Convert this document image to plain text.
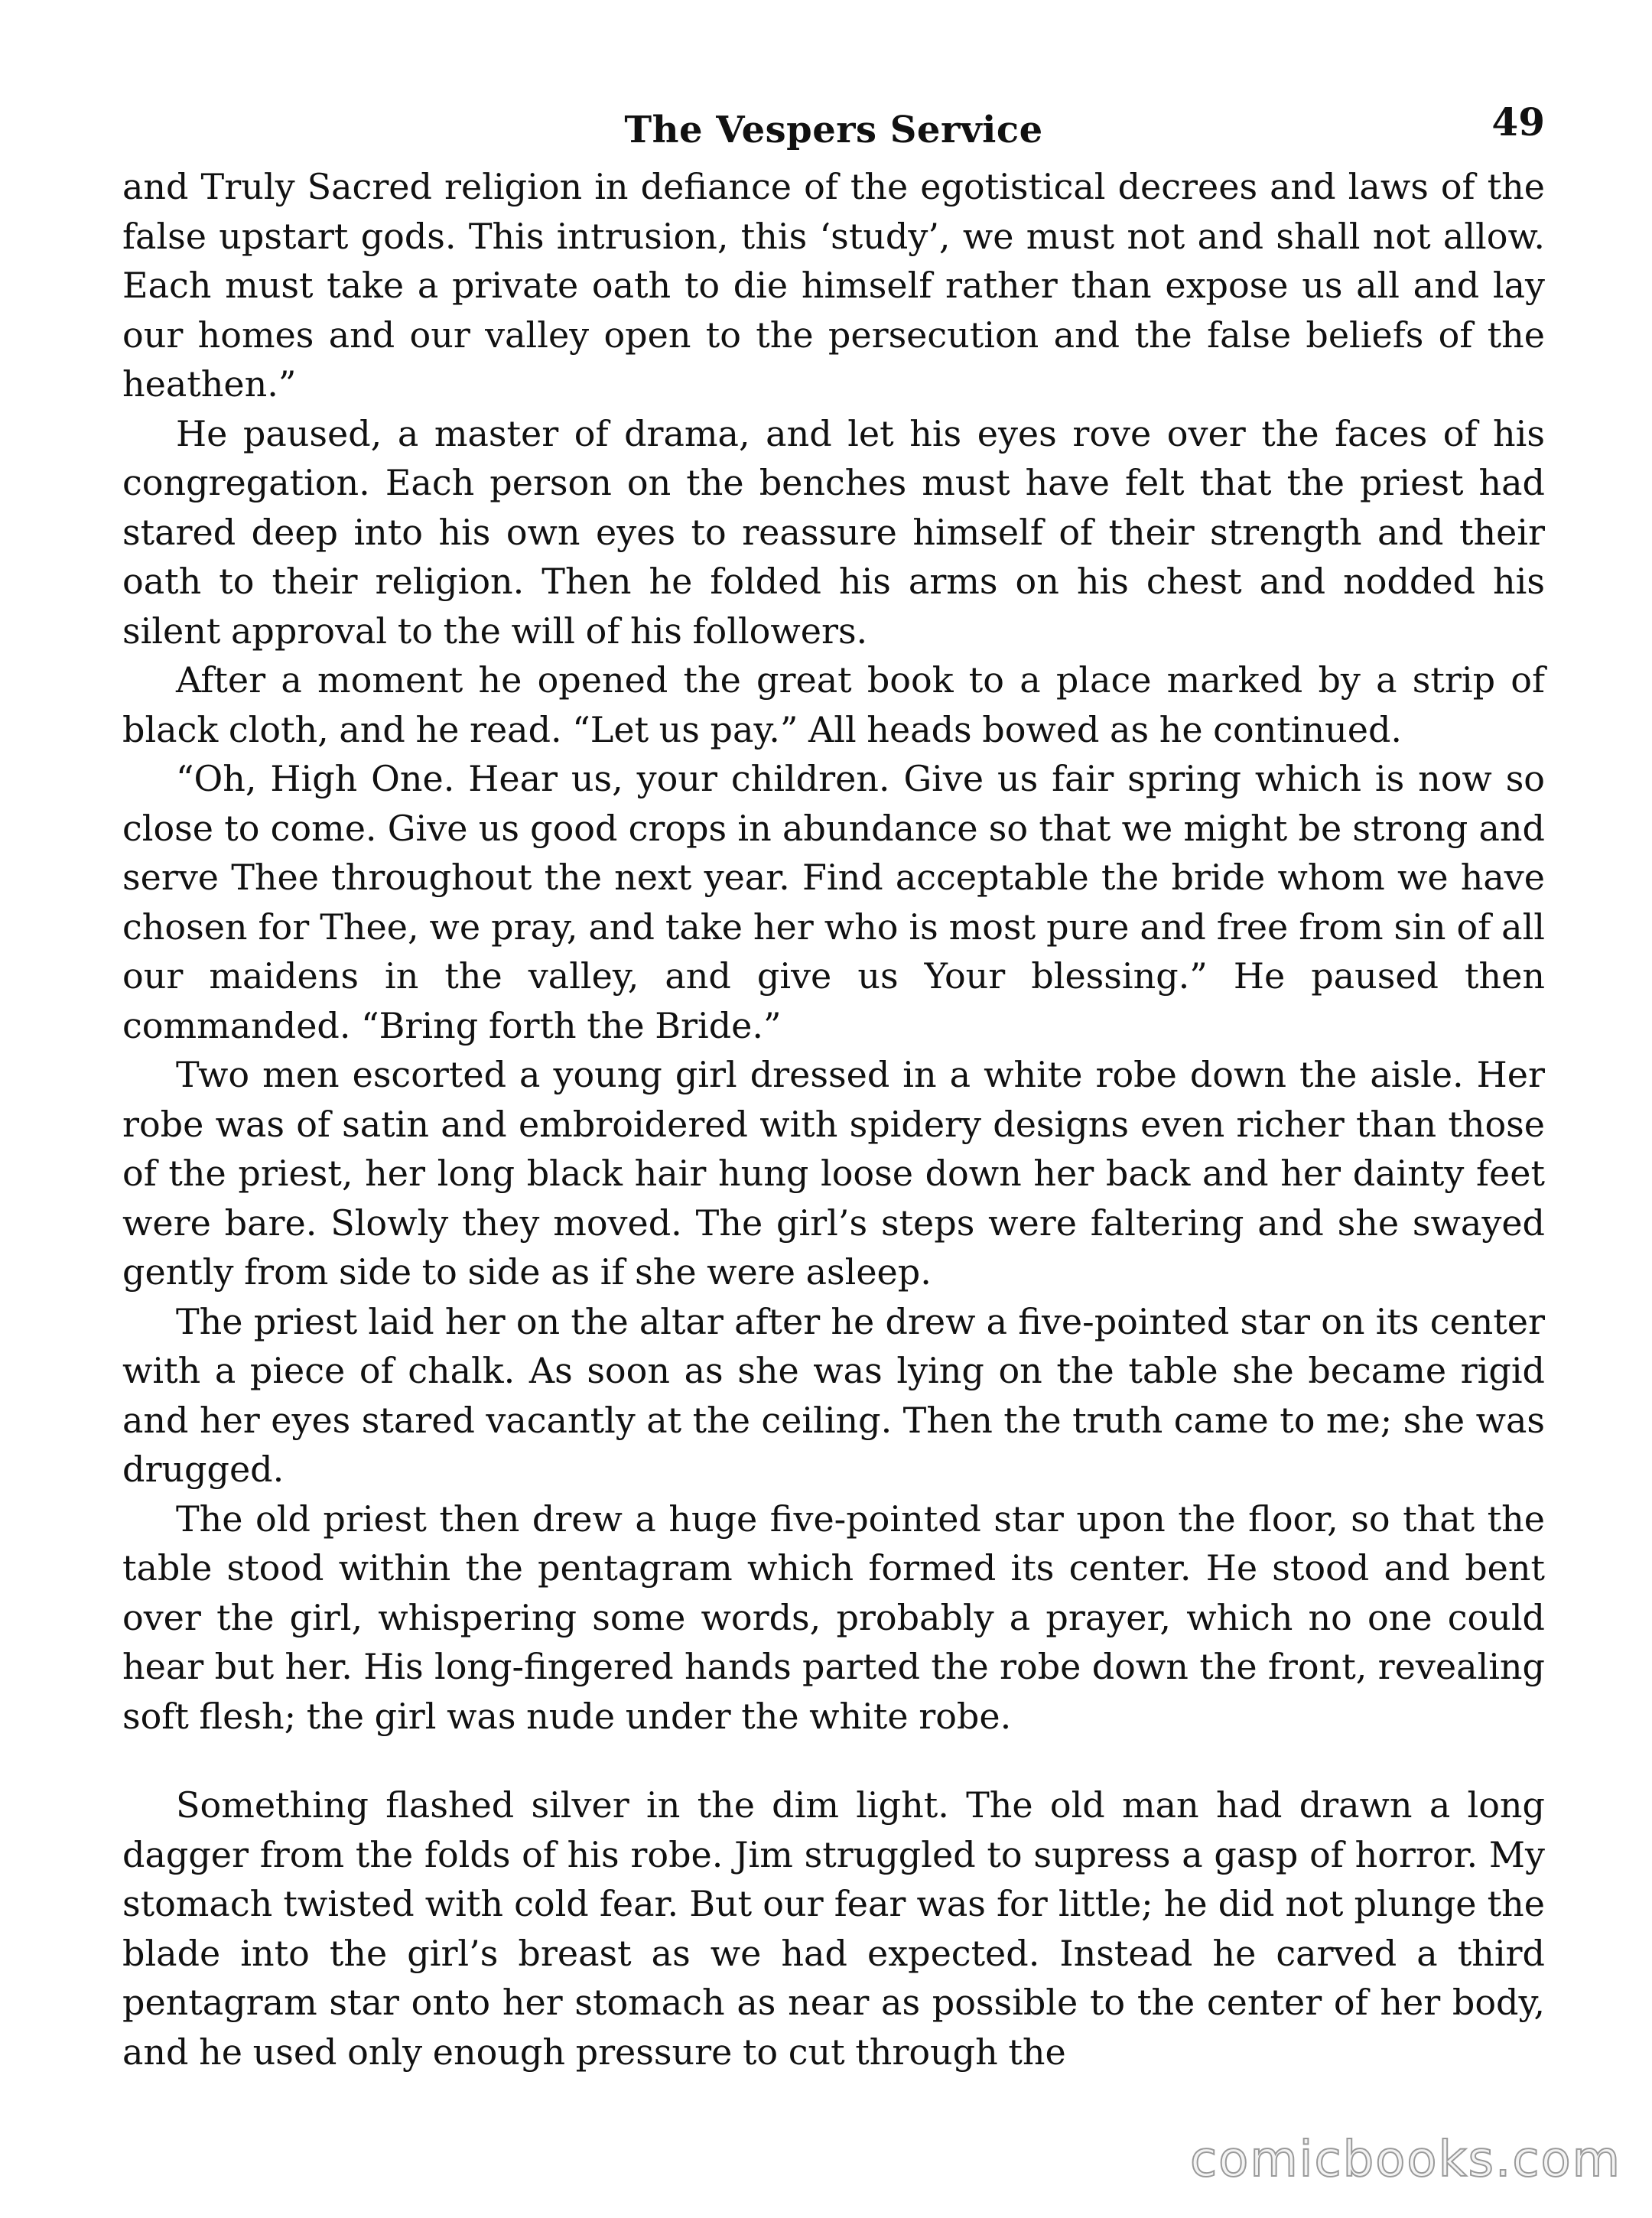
The Vespers Service	49

and Truly Sacred religion in defiance of the egotistical decrees and laws of the false upstart gods. This intrusion, this ‘study’, we must not and shall not allow. Each must take a private oath to die himself rather than expose us all and lay our homes and our valley open to the persecution and the false beliefs of the heathen.”

He paused, a master of drama, and let his eyes rove over the faces of his congregation. Each person on the benches must have felt that the priest had stared deep into his own eyes to reassure himself of their strength and their oath to their religion. Then he folded his arms on his chest and nodded his silent approval to the will of his followers.

After a moment he opened the great book to a place marked by a strip of black cloth, and he read. “Let us pay.” All heads bowed as he continued.

“Oh, High One. Hear us, your children. Give us fair spring which is now so close to come. Give us good crops in abundance so that we might be strong and serve Thee throughout the next year. Find acceptable the bride whom we have chosen for Thee, we pray, and take her who is most pure and free from sin of all our maidens in the valley, and give us Your blessing.” He paused then commanded. “Bring forth the Bride.”

Two men escorted a young girl dressed in a white robe down the aisle. Her robe was of satin and embroidered with spidery designs even richer than those of the priest, her long black hair hung loose down her back and her dainty feet were bare. Slowly they moved. The girl’s steps were faltering and she swayed gently from side to side as if she were asleep.

The priest laid her on the altar after he drew a five-pointed star on its center with a piece of chalk. As soon as she was lying on the table she became rigid and her eyes stared vacantly at the ceiling. Then the truth came to me; she was drugged.

The old priest then drew a huge five-pointed star upon the floor, so that the table stood within the pentagram which formed its center. He stood and bent over the girl, whispering some words, probably a prayer, which no one could hear but her. His long-fingered hands parted the robe down the front, revealing soft flesh; the girl was nude under the white robe.

Something flashed silver in the dim light. The old man had drawn a long dagger from the folds of his robe. Jim struggled to supress a gasp of horror. My stomach twisted with cold fear. But our fear was for little; he did not plunge the blade into the girl’s breast as we had expected. Instead he carved a third pentagram star onto her stomach as near as possible to the center of her body, and he used only enough pressure to cut through the

comicbooks.com
